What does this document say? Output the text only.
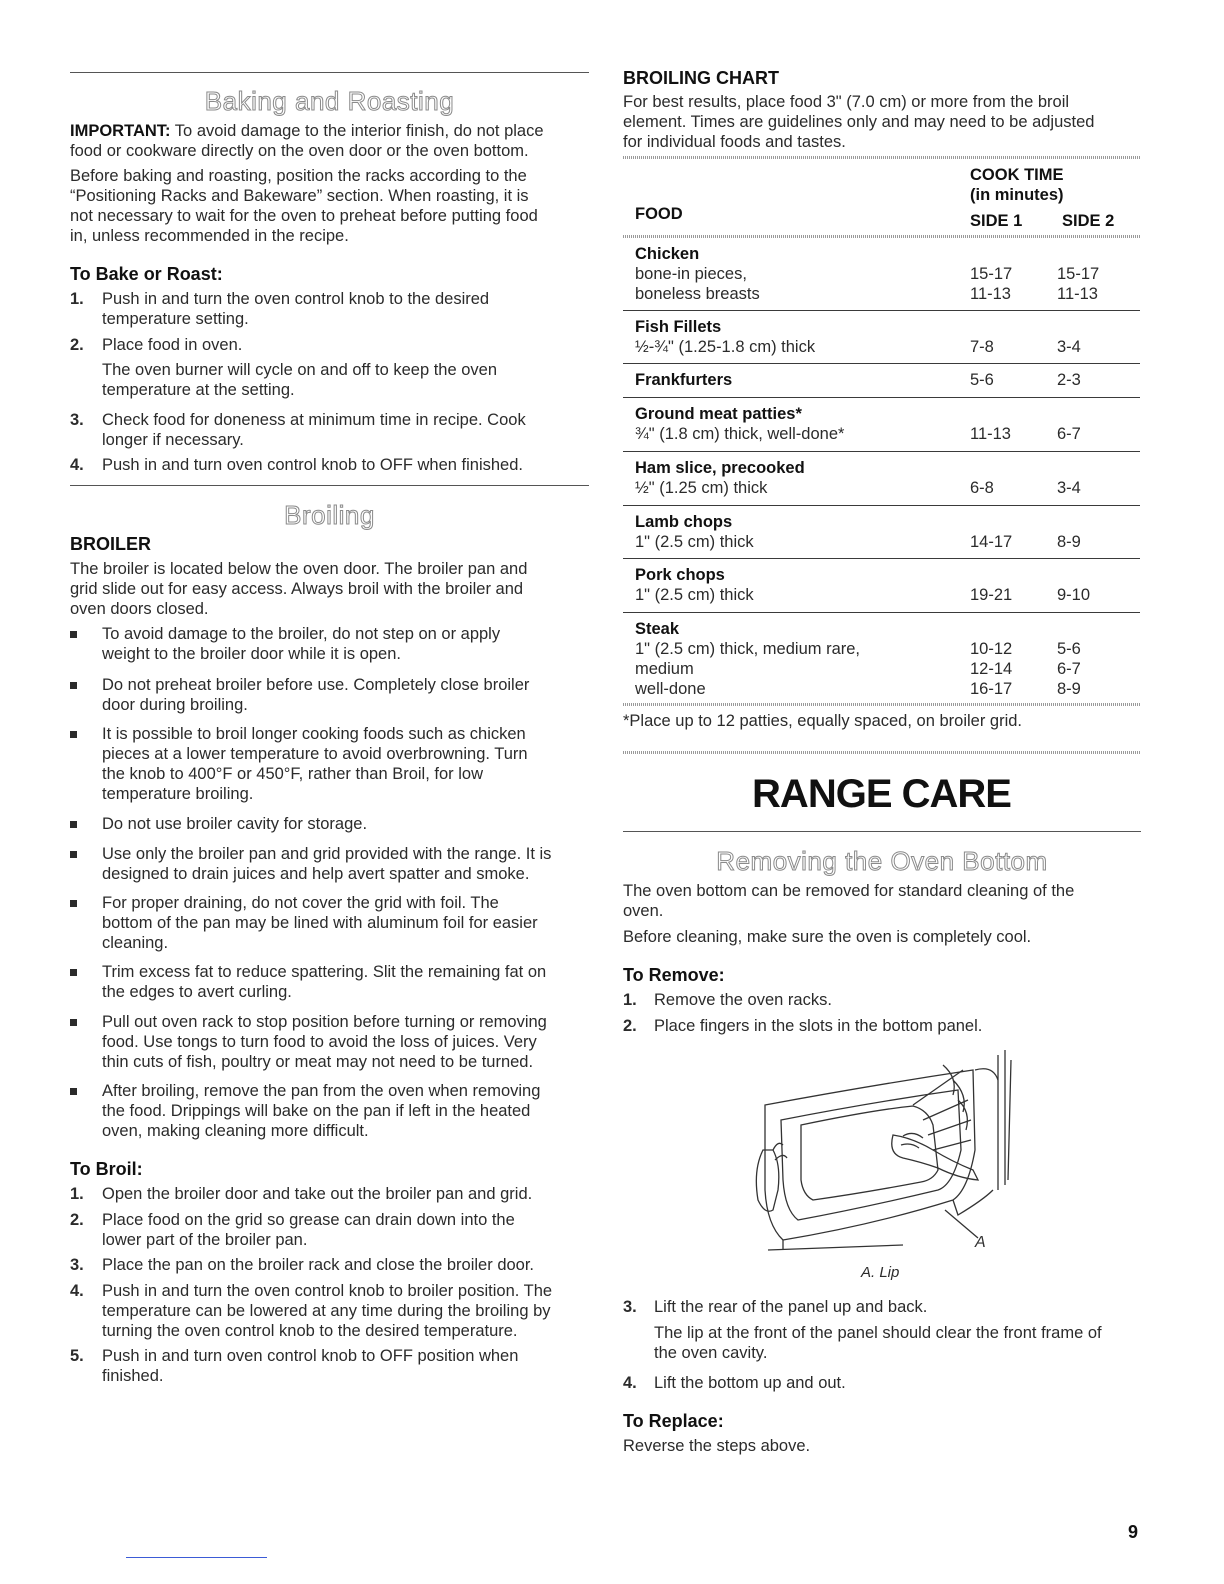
Baking and Roasting
IMPORTANT: To avoid damage to the interior finish, do not place
food or cookware directly on the oven door or the oven bottom.
Before baking and roasting, position the racks according to the
“Positioning Racks and Bakeware” section. When roasting, it is
not necessary to wait for the oven to preheat before putting food
in, unless recommended in the recipe.
To Bake or Roast:
1.	Push in and turn the oven control knob to the desired
temperature setting.
2.	Place food in oven.
The oven burner will cycle on and off to keep the oven
temperature at the setting.
3.	Check food for doneness at minimum time in recipe. Cook
longer if necessary.
4.	Push in and turn oven control knob to OFF when finished.
Broiling
BROILER
The broiler is located below the oven door. The broiler pan and
grid slide out for easy access. Always broil with the broiler and
oven doors closed.
To avoid damage to the broiler, do not step on or apply
weight to the broiler door while it is open.
Do not preheat broiler before use. Completely close broiler
door during broiling.
It is possible to broil longer cooking foods such as chicken
pieces at a lower temperature to avoid overbrowning. Turn
the knob to 400°F or 450°F, rather than Broil, for low
temperature broiling.
Do not use broiler cavity for storage.
Use only the broiler pan and grid provided with the range. It is
designed to drain juices and help avert spatter and smoke.
For proper draining, do not cover the grid with foil. The
bottom of the pan may be lined with aluminum foil for easier
cleaning.
Trim excess fat to reduce spattering. Slit the remaining fat on
the edges to avert curling.
Pull out oven rack to stop position before turning or removing
food. Use tongs to turn food to avoid the loss of juices. Very
thin cuts of fish, poultry or meat may not need to be turned.
After broiling, remove the pan from the oven when removing
the food. Drippings will bake on the pan if left in the heated
oven, making cleaning more difficult.
To Broil:
1.	Open the broiler door and take out the broiler pan and grid.
2.	Place food on the grid so grease can drain down into the
lower part of the broiler pan.
3.	Place the pan on the broiler rack and close the broiler door.
4.	Push in and turn the oven control knob to broiler position. The
temperature can be lowered at any time during the broiling by
turning the oven control knob to the desired temperature.
5.	Push in and turn oven control knob to OFF position when
finished.
BROILING CHART
For best results, place food 3" (7.0 cm) or more from the broil
element. Times are guidelines only and may need to be adjusted
for individual foods and tastes.
COOK TIME
(in minutes)
FOOD	SIDE 1 SIDE 2
Chicken
bone-in pieces,	15-17	15-17
boneless breasts	11-13	11-13
Fish Fillets
½-¾" (1.25-1.8 cm) thick	7-8	3-4
Frankfurters	5-6	2-3
Ground meat patties*
¾" (1.8 cm) thick, well-done*	11-13	6-7
Ham slice, precooked
½" (1.25 cm) thick	6-8	3-4
Lamb chops
1" (2.5 cm) thick	14-17	8-9
Pork chops
1" (2.5 cm) thick	19-21	9-10
Steak
1" (2.5 cm) thick, medium rare,	10-12	5-6
medium	12-14	6-7
well-done	16-17	8-9
*Place up to 12 patties, equally spaced, on broiler grid.
RANGE CARE
Removing the Oven Bottom
The oven bottom can be removed for standard cleaning of the
oven.
Before cleaning, make sure the oven is completely cool.
To Remove:
1.	Remove the oven racks.
2.	Place fingers in the slots in the bottom panel.
A
A. Lip
3.	Lift the rear of the panel up and back.
The lip at the front of the panel should clear the front frame of
the oven cavity.
4.	Lift the bottom up and out.
To Replace:
Reverse the steps above.
9
